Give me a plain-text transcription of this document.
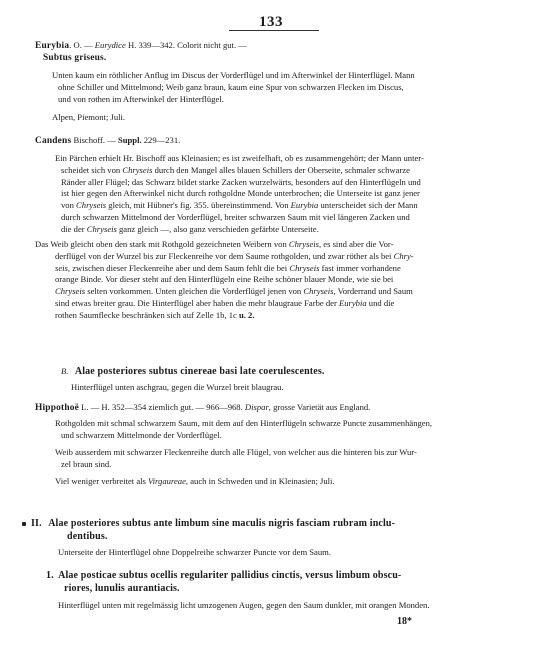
133
Eurybia. O. — Eurydice H. 339—342. Colorit nicht gut. —
Subtus griseus.
Unten kaum ein röthlicher Anflug im Discus der Vorderflügel und im Afterwinkel der Hinterflügel. Mann
ohne Schiller und Mittelmond; Weib ganz braun, kaum eine Spur von schwarzen Flecken im Discus,
und von rothen im Afterwinkel der Hinterflügel.
Alpen, Piemont; Juli.
Candens Bischoff. — Suppl. 229—231.
Ein Pärchen erhielt Hr. Bischoff aus Kleinasien; es ist zweifelhaft, ob es zusammengehört; der Mann unter-
scheidet sich von Chryseis durch den Mangel alles blauen Schillers der Oberseite, schmaler schwarze
Ränder aller Flügel; das Schwarz bildet starke Zacken wurzelwärts, besonders auf den Hinterflügeln und
ist hier gegen den Afterwinkel nicht durch rothgoldne Monde unterbrochen; die Unterseite ist ganz jener
von Chryseis gleich, mit Hübner's fig. 355. übereinstimmend. Von Eurybia unterscheidet sich der Mann
durch schwarzen Mittelmond der Vorderflügel, breiter schwarzen Saum mit viel längeren Zacken und
die der Chryseis ganz gleich —, also ganz verschieden gefärbte Unterseite.
Das Weib gleicht oben den stark mit Rothgold gezeichneten Weibern von Chryseis, es sind aber die Vor-
derflügel von der Wurzel bis zur Fleckenreihe vor dem Saume rothgolden, und zwar röther als bei Chry-
seis, zwischen dieser Fleckenreihe aber und dem Saum fehlt die bei Chryseis fast immer vorhandene
orange Binde. Vor dieser steht auf den Hinterflügeln eine Reihe schöner blauer Monde, wie sie bei
Chryseis selten vorkommen. Unten gleichen die Vorderflügel jenen von Chryseis, Vorderrand und Saum
sind etwas breiter grau. Die Hinterflügel aber haben die mehr blaugraue Farbe der Eurybia und die
rothen Saumflecke beschränken sich auf Zelle 1b, 1c u. 2.
B. Alae posteriores subtus cinereae basi late coerulescentes.
Hinterflügel unten aschgrau, gegen die Wurzel breit blaugrau.
Hippothoë L. — H. 352—354 ziemlich gut. — 966—968. Dispar, grosse Varietät aus England.
Rothgolden mit schmal schwarzem Saum, mit dem auf den Hinterflügeln schwarze Puncte zusammenhängen,
und schwarzem Mittelmonde der Vorderflügel.
Weib ausserdem mit schwarzer Fleckenreihe durch alle Flügel, von welcher aus die hinteren bis zur Wur-
zel braun sind.
Viel weniger verbreitet als Virgaureae, auch in Schweden und in Kleinasien; Juli.
II. Alae posteriores subtus ante limbum sine maculis nigris fasciam rubram inclu-
dentibus.
Unterseite der Hinterflügel ohne Doppelreihe schwarzer Puncte vor dem Saum.
1. Alae posticae subtus ocellis regulariter pallidius cinctis, versus limbum obscu-
riores, lunulis aurantiacis.
Hinterflügel unten mit regelmässig licht umzogenen Augen, gegen den Saum dunkler, mit orangen Monden.
18*
